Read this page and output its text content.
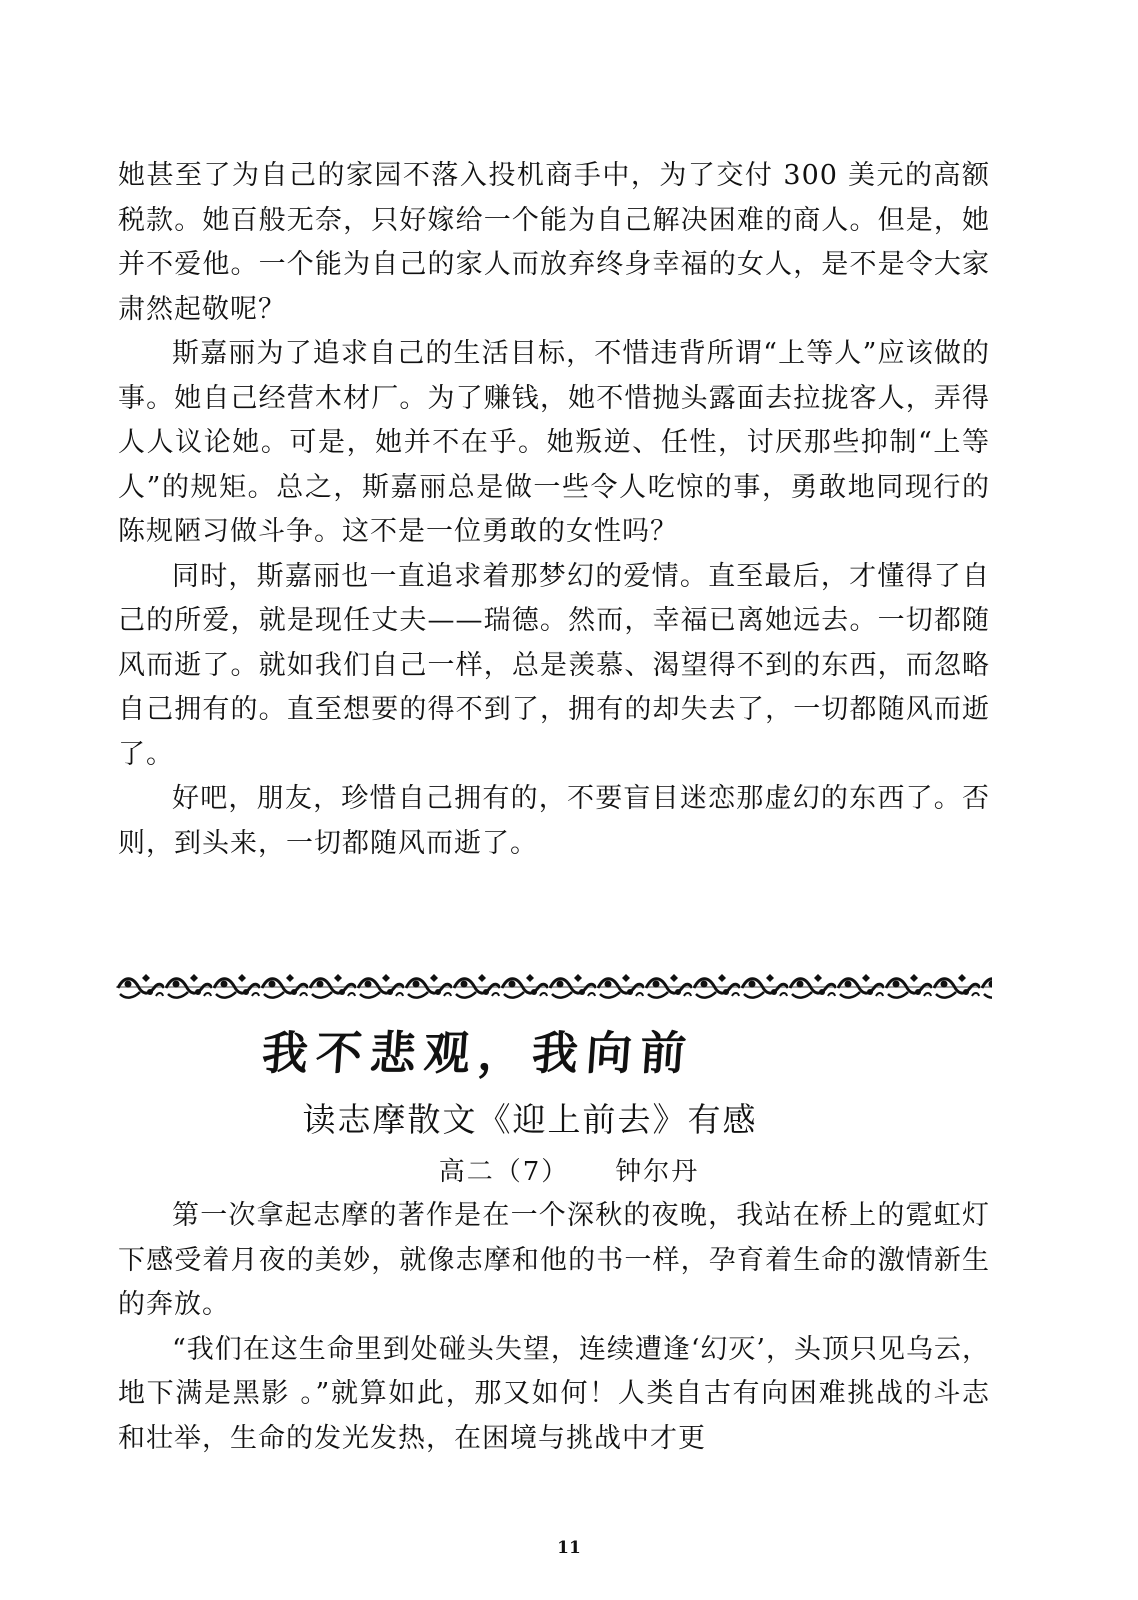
她甚至了为自己的家园不落入投机商手中，为了交付 300 美元的高额税款。她百般无奈，只好嫁给一个能为自己解决困难的商人。但是，她并不爱他。一个能为自己的家人而放弃终身幸福的女人，是不是令大家肃然起敬呢？

斯嘉丽为了追求自己的生活目标，不惜违背所谓“上等人”应该做的事。她自己经营木材厂。为了赚钱，她不惜抛头露面去拉拢客人，弄得人人议论她。可是，她并不在乎。她叛逆、任性，讨厌那些抑制“上等人”的规矩。总之，斯嘉丽总是做一些令人吃惊的事，勇敢地同现行的陈规陋习做斗争。这不是一位勇敢的女性吗？

同时，斯嘉丽也一直追求着那梦幻的爱情。直至最后，才懂得了自己的所爱，就是现任丈夫——瑞德。然而，幸福已离她远去。一切都随风而逝了。就如我们自己一样，总是羡慕、渴望得不到的东西，而忽略自己拥有的。直至想要的得不到了，拥有的却失去了，一切都随风而逝了。

好吧，朋友，珍惜自己拥有的，不要盲目迷恋那虚幻的东西了。否则，到头来，一切都随风而逝了。

我不悲观，我向前
读志摩散文《迎上前去》有感
高二（7） 钟尔丹

第一次拿起志摩的著作是在一个深秋的夜晚，我站在桥上的霓虹灯下感受着月夜的美妙，就像志摩和他的书一样，孕育着生命的激情新生的奔放。

“我们在这生命里到处碰头失望，连续遭逢‘幻灭’，头顶只见乌云，地下满是黑影 。”就算如此，那又如何！人类自古有向困难挑战的斗志和壮举，生命的发光发热，在困境与挑战中才更

11
